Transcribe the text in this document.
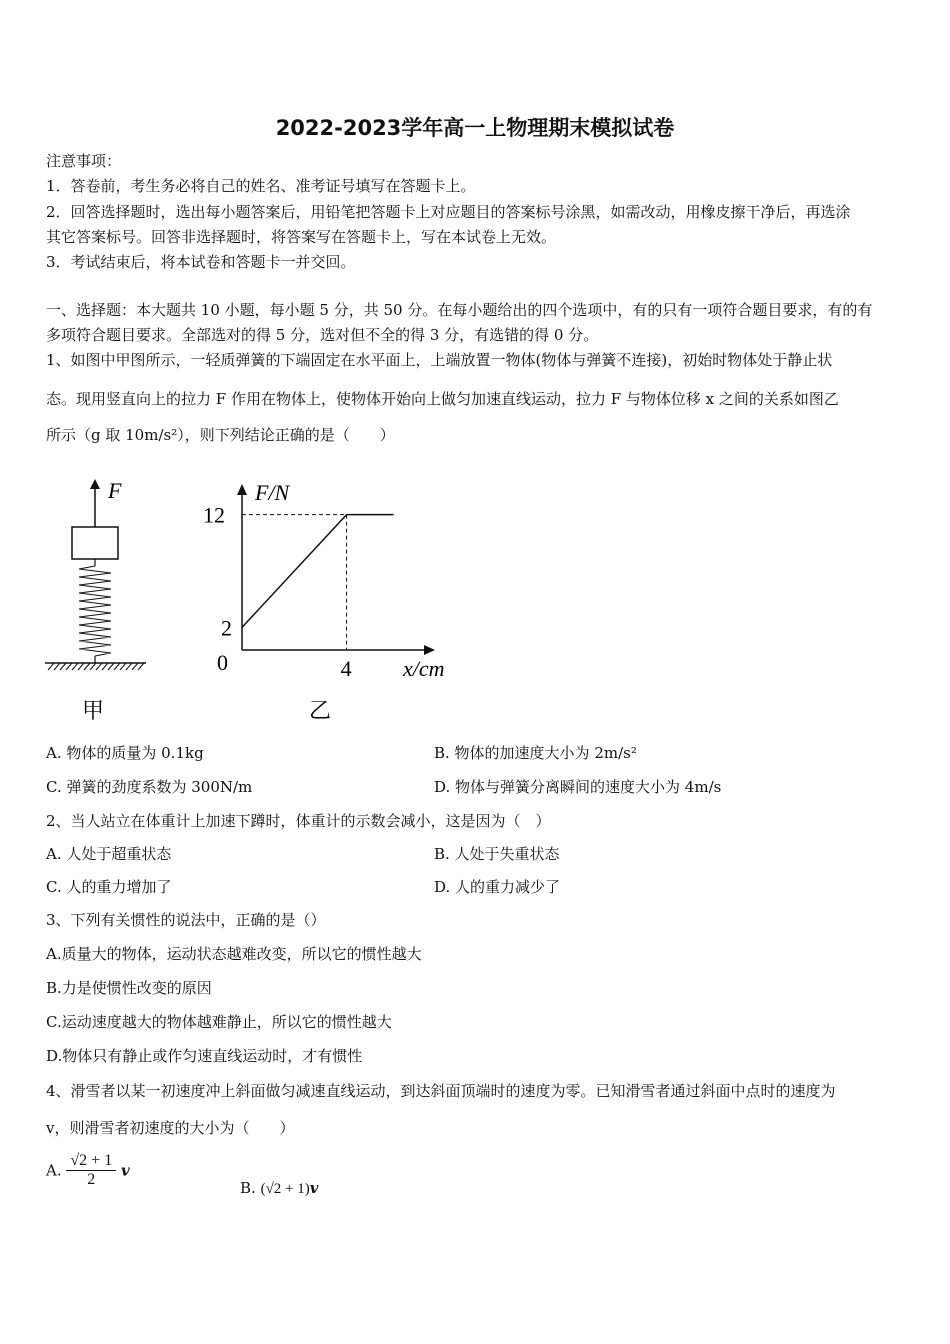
2022-2023学年高一上物理期末模拟试卷
注意事项：
1．答卷前，考生务必将自己的姓名、准考证号填写在答题卡上。
2．回答选择题时，选出每小题答案后，用铅笔把答题卡上对应题目的答案标号涂黑，如需改动，用橡皮擦干净后，再选涂
其它答案标号。回答非选择题时，将答案写在答题卡上，写在本试卷上无效。
3．考试结束后，将本试卷和答题卡一并交回。
一、选择题：本大题共 10 小题，每小题 5 分，共 50 分。在每小题给出的四个选项中，有的只有一项符合题目要求，有的有
多项符合题目要求。全部选对的得 5 分，选对但不全的得 3 分，有选错的得 0 分。
1、如图中甲图所示，一轻质弹簧的下端固定在水平面上，上端放置一物体(物体与弹簧不连接)，初始时物体处于静止状
态。现用竖直向上的拉力 F 作用在物体上，使物体开始向上做匀加速直线运动，拉力 F 与物体位移 x 之间的关系如图乙
所示（g 取 10m/s²），则下列结论正确的是（　　）
F
甲
F/N
x/cm
0
12
2
4
乙
A. 物体的质量为 0.1kg	B. 物体的加速度大小为 2m/s²
C. 弹簧的劲度系数为 300N/m	D. 物体与弹簧分离瞬间的速度大小为 4m/s
2、当人站立在体重计上加速下蹲时，体重计的示数会减小，这是因为（　）
A. 人处于超重状态	B. 人处于失重状态
C. 人的重力增加了	D. 人的重力减少了
3、下列有关惯性的说法中，正确的是（）
A.质量大的物体，运动状态越难改变，所以它的惯性越大
B.力是使惯性改变的原因
C.运动速度越大的物体越难静止，所以它的惯性越大
D.物体只有静止或作匀速直线运动时，才有惯性
4、滑雪者以某一初速度冲上斜面做匀减速直线运动，到达斜面顶端时的速度为零。已知滑雪者通过斜面中点时的速度为
v，则滑雪者初速度的大小为（　　）
A. $\frac{√2 + 1}{2}$ v
B. (√2 + 1)v
